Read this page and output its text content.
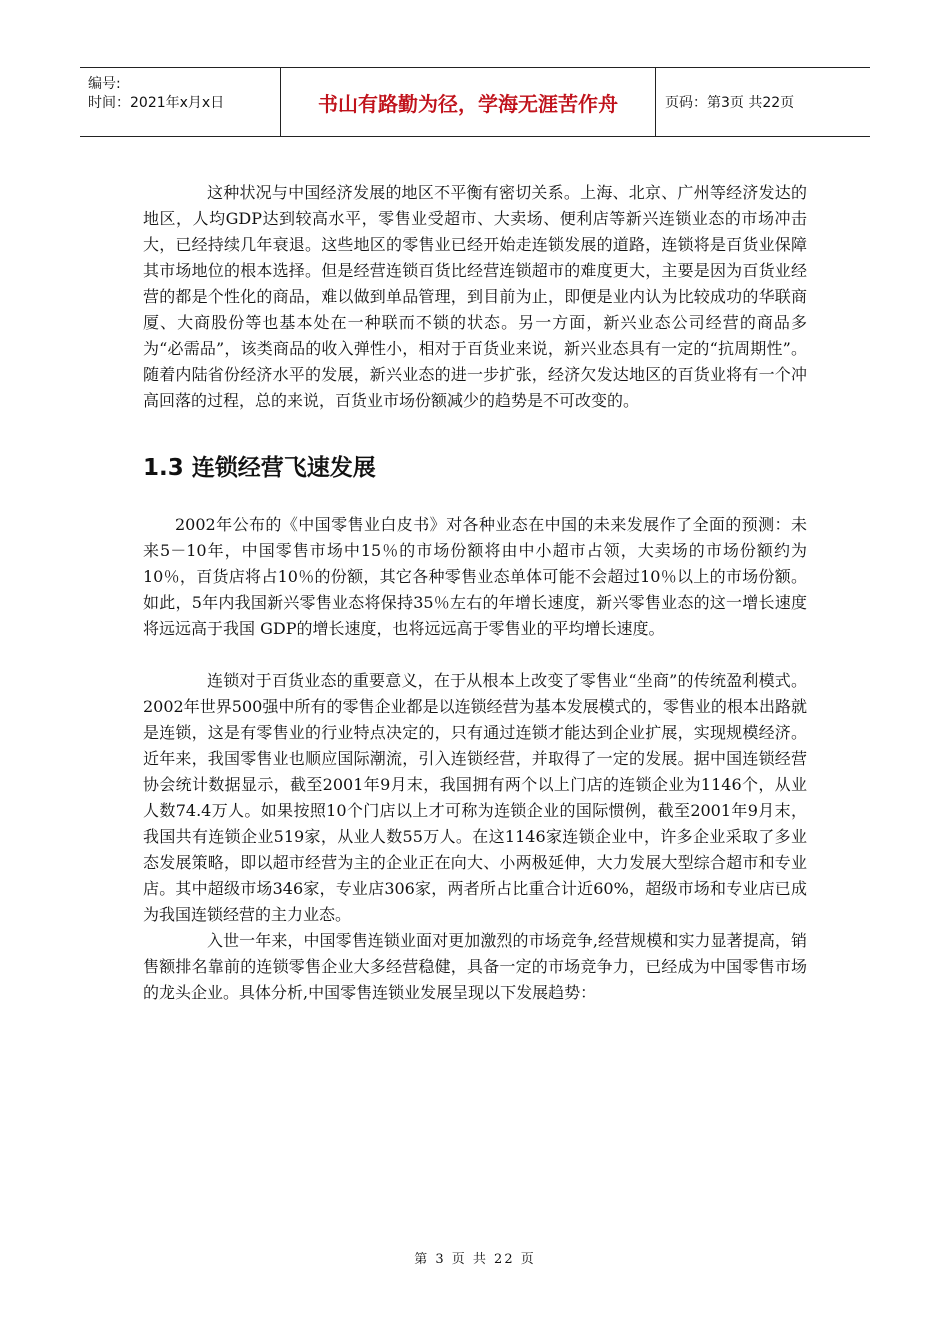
编号:
时间：2021年x月x日	书山有路勤为径，学海无涯苦作舟	页码：第3页 共22页

这种状况与中国经济发展的地区不平衡有密切关系。上海、北京、广州等经济发达的地区，人均GDP达到较高水平，零售业受超市、大卖场、便利店等新兴连锁业态的市场冲击大，已经持续几年衰退。这些地区的零售业已经开始走连锁发展的道路，连锁将是百货业保障其市场地位的根本选择。但是经营连锁百货比经营连锁超市的难度更大，主要是因为百货业经营的都是个性化的商品，难以做到单品管理，到目前为止，即便是业内认为比较成功的华联商厦、大商股份等也基本处在一种联而不锁的状态。另一方面，新兴业态公司经营的商品多为“必需品”，该类商品的收入弹性小，相对于百货业来说，新兴业态具有一定的“抗周期性”。随着内陆省份经济水平的发展，新兴业态的进一步扩张，经济欠发达地区的百货业将有一个冲高回落的过程，总的来说，百货业市场份额减少的趋势是不可改变的。

1.3 连锁经营飞速发展

2002年公布的《中国零售业白皮书》对各种业态在中国的未来发展作了全面的预测：未来5－10年，中国零售市场中15％的市场份额将由中小超市占领，大卖场的市场份额约为10％，百货店将占10％的份额，其它各种零售业态单体可能不会超过10％以上的市场份额。如此，5年内我国新兴零售业态将保持35％左右的年增长速度，新兴零售业态的这一增长速度将远远高于我国 GDP的增长速度，也将远远高于零售业的平均增长速度。

连锁对于百货业态的重要意义，在于从根本上改变了零售业“坐商”的传统盈利模式。2002年世界500强中所有的零售企业都是以连锁经营为基本发展模式的，零售业的根本出路就是连锁，这是有零售业的行业特点决定的，只有通过连锁才能达到企业扩展，实现规模经济。近年来，我国零售业也顺应国际潮流，引入连锁经营，并取得了一定的发展。据中国连锁经营协会统计数据显示，截至2001年9月末，我国拥有两个以上门店的连锁企业为1146个，从业人数74.4万人。如果按照10个门店以上才可称为连锁企业的国际惯例，截至2001年9月末，我国共有连锁企业519家，从业人数55万人。在这1146家连锁企业中，许多企业采取了多业态发展策略，即以超市经营为主的企业正在向大、小两极延伸，大力发展大型综合超市和专业店。其中超级市场346家，专业店306家，两者所占比重合计近60%，超级市场和专业店已成为我国连锁经营的主力业态。

入世一年来，中国零售连锁业面对更加激烈的市场竞争,经营规模和实力显著提高，销售额排名靠前的连锁零售企业大多经营稳健，具备一定的市场竞争力，已经成为中国零售市场的龙头企业。具体分析,中国零售连锁业发展呈现以下发展趋势：

第 3 页 共 22 页
